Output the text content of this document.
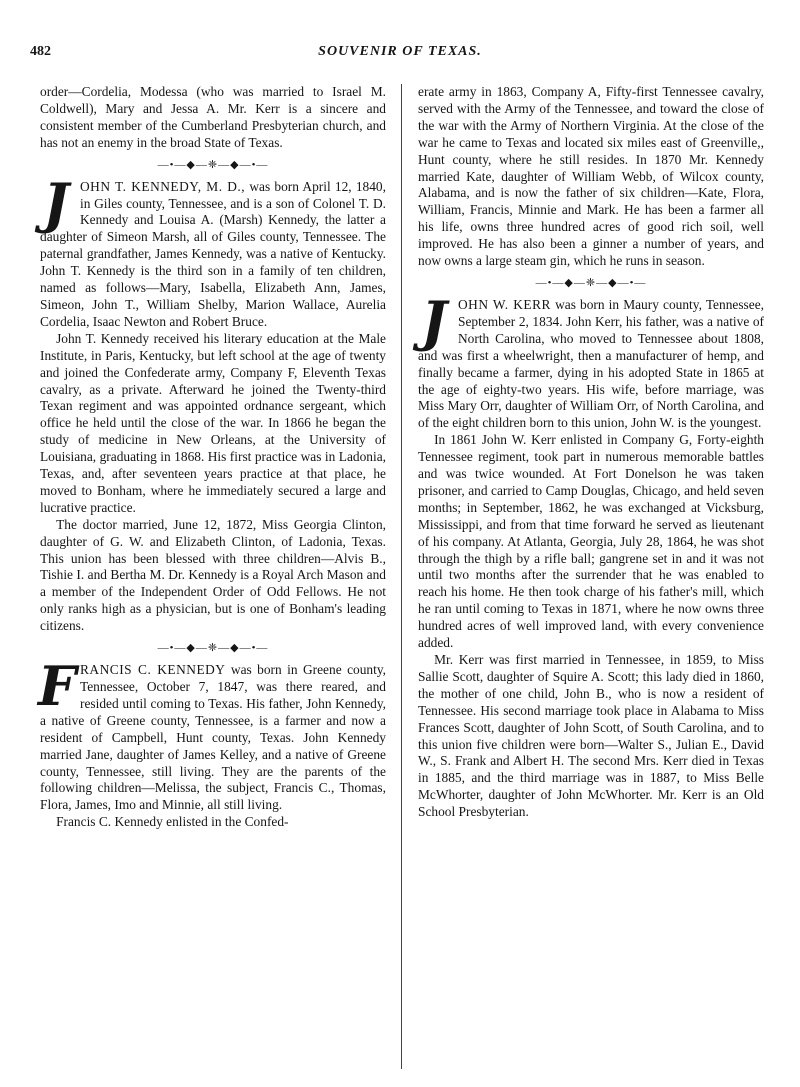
482	SOUVENIR OF TEXAS.

order—Cordelia, Modessa (who was married to Israel M. Coldwell), Mary and Jessa A. Mr. Kerr is a sincere and consistent member of the Cumberland Presbyterian church, and has not an enemy in the broad State of Texas.

—•—◆—❈—◆—•—

JOHN T. KENNEDY, M. D., was born April 12, 1840, in Giles county, Tennessee, and is a son of Colonel T. D. Kennedy and Louisa A. (Marsh) Kennedy, the latter a daughter of Simeon Marsh, all of Giles county, Tennessee. The paternal grandfather, James Kennedy, was a native of Kentucky. John T. Kennedy is the third son in a family of ten children, named as follows—Mary, Isabella, Elizabeth Ann, James, Simeon, John T., William Shelby, Marion Wallace, Aurelia Cordelia, Isaac Newton and Robert Bruce.

John T. Kennedy received his literary education at the Male Institute, in Paris, Kentucky, but left school at the age of twenty and joined the Confederate army, Company F, Eleventh Texas cavalry, as a private. Afterward he joined the Twenty-third Texan regiment and was appointed ordnance sergeant, which office he held until the close of the war. In 1866 he began the study of medicine in New Orleans, at the University of Louisiana, graduating in 1868. His first practice was in Ladonia, Texas, and, after seventeen years practice at that place, he moved to Bonham, where he immediately secured a large and lucrative practice.

The doctor married, June 12, 1872, Miss Georgia Clinton, daughter of G. W. and Elizabeth Clinton, of Ladonia, Texas. This union has been blessed with three children—Alvis B., Tishie I. and Bertha M. Dr. Kennedy is a Royal Arch Mason and a member of the Independent Order of Odd Fellows. He not only ranks high as a physician, but is one of Bonham's leading citizens.

—•—◆—❈—◆—•—

FRANCIS C. KENNEDY was born in Greene county, Tennessee, October 7, 1847, was there reared, and resided until coming to Texas. His father, John Kennedy, a native of Greene county, Tennessee, is a farmer and now a resident of Campbell, Hunt county, Texas. John Kennedy married Jane, daughter of James Kelley, and a native of Greene county, Tennessee, still living. They are the parents of the following children—Melissa, the subject, Francis C., Thomas, Flora, James, Imo and Minnie, all still living.

Francis C. Kennedy enlisted in the Confed-

erate army in 1863, Company A, Fifty-first Tennessee cavalry, served with the Army of the Tennessee, and toward the close of the war with the Army of Northern Virginia. At the close of the war he came to Texas and located six miles east of Greenville,, Hunt county, where he still resides. In 1870 Mr. Kennedy married Kate, daughter of William Webb, of Wilcox county, Alabama, and is now the father of six children—Kate, Flora, William, Francis, Minnie and Mark. He has been a farmer all his life, owns three hundred acres of good rich soil, well improved. He has also been a ginner a number of years, and now owns a large steam gin, which he runs in season.

—•—◆—❈—◆—•—

JOHN W. KERR was born in Maury county, Tennessee, September 2, 1834. John Kerr, his father, was a native of North Carolina, who moved to Tennessee about 1808, and was first a wheelwright, then a manufacturer of hemp, and finally became a farmer, dying in his adopted State in 1865 at the age of eighty-two years. His wife, before marriage, was Miss Mary Orr, daughter of William Orr, of North Carolina, and of the eight children born to this union, John W. is the youngest.

In 1861 John W. Kerr enlisted in Company G, Forty-eighth Tennessee regiment, took part in numerous memorable battles and was twice wounded. At Fort Donelson he was taken prisoner, and carried to Camp Douglas, Chicago, and held seven months; in September, 1862, he was exchanged at Vicksburg, Mississippi, and from that time forward he served as lieutenant of his company. At Atlanta, Georgia, July 28, 1864, he was shot through the thigh by a rifle ball; gangrene set in and it was not until two months after the surrender that he was enabled to reach his home. He then took charge of his father's mill, which he ran until coming to Texas in 1871, where he now owns three hundred acres of well improved land, with every convenience added.

Mr. Kerr was first married in Tennessee, in 1859, to Miss Sallie Scott, daughter of Squire A. Scott; this lady died in 1860, the mother of one child, John B., who is now a resident of Tennessee. His second marriage took place in Alabama to Miss Frances Scott, daughter of John Scott, of South Carolina, and to this union five children were born—Walter S., Julian E., David W., S. Frank and Albert H. The second Mrs. Kerr died in Texas in 1885, and the third marriage was in 1887, to Miss Belle McWhorter, daughter of John McWhorter. Mr. Kerr is an Old School Presbyterian.
